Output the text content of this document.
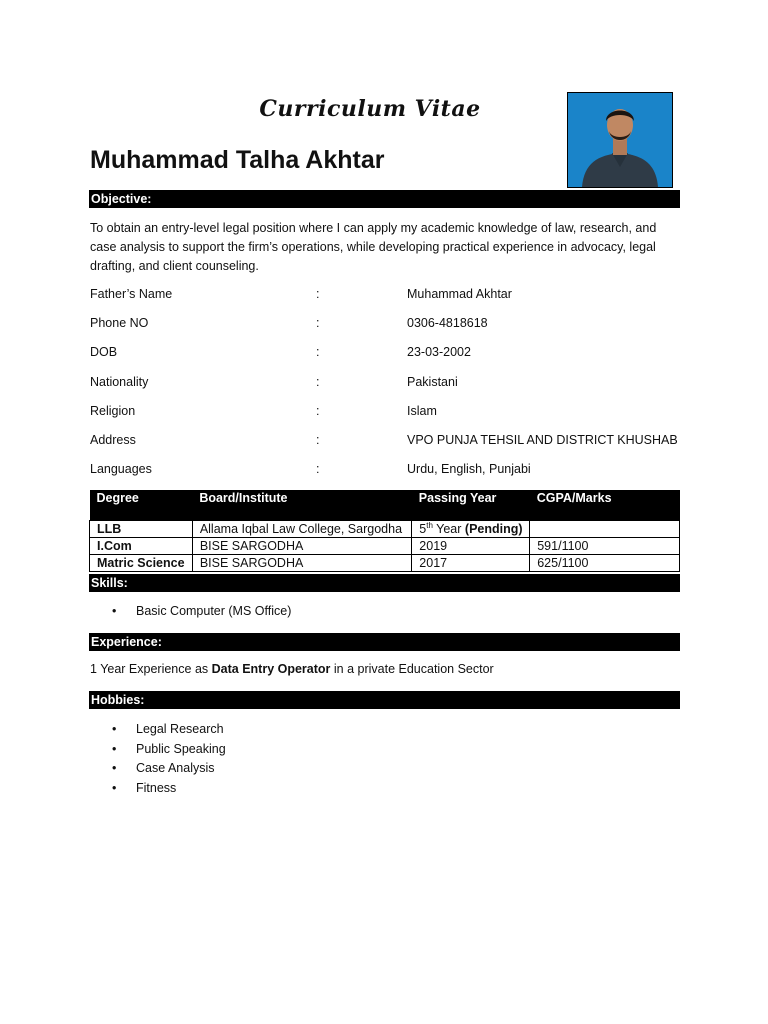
Curriculum Vitae
Muhammad Talha Akhtar
Objective:
To obtain an entry-level legal position where I can apply my academic knowledge of law, research, and
case analysis to support the firm’s operations, while developing practical experience in advocacy, legal
drafting, and client counseling.
Father’s Name	:	Muhammad Akhtar
Phone NO	:	0306-4818618
DOB	:	23-03-2002
Nationality	:	Pakistani
Religion	:	Islam
Address	:	VPO PUNJA TEHSIL AND DISTRICT KHUSHAB
Languages	:	Urdu, English, Punjabi
Degree	Board/Institute	Passing Year	CGPA/Marks
LLB	Allama Iqbal Law College, Sargodha	5th Year (Pending)	
I.Com	BISE SARGODHA	2019	591/1100
Matric Science	BISE SARGODHA	2017	625/1100
Skills:
• Basic Computer (MS Office)
Experience:
1 Year Experience as Data Entry Operator in a private Education Sector
Hobbies:
• Legal Research
• Public Speaking
• Case Analysis
• Fitness
